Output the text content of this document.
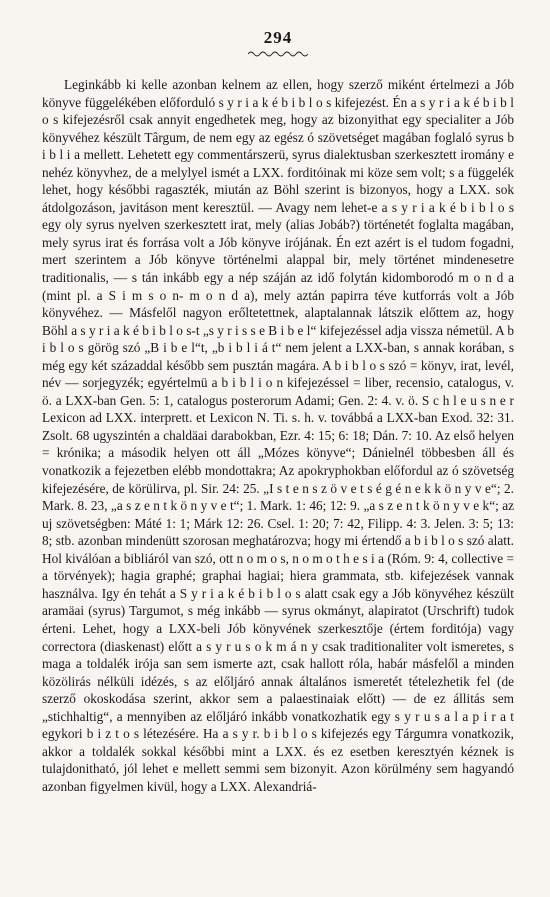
294

Leginkább ki kelle azonban kelnem az ellen, hogy szerző miként értelmezi a Jób könyve függelékében előforduló s y r i a k é b i b l o s kifejezést. Én a s y r i a k é b i b l o s kifejezésről csak annyit engedhetek meg, hogy az bizonyithat egy specialiter a Jób könyvéhez készült Târgum, de nem egy az egész ó szövetséget magában foglaló syrus b i b l i a mellett. Lehetett egy commentárszerü, syrus dialektusban szerkesztett iromány e nehéz könyvhez, de a melylyel ismét a LXX. forditóinak mi köze sem volt; s a függelék lehet, hogy későbbi ragaszték, miután az Böhl szerint is bizonyos, hogy a LXX. sok átdolgozáson, javitáson ment keresztül. — Avagy nem lehet-e a s y r i a k é b i b l o s egy oly syrus nyelven szerkesztett irat, mely (alias Jobáb?) történetét foglalta magában, mely syrus irat és forrása volt a Jób könyve irójának. Én ezt azért is el tudom fogadni, mert szerintem a Jób könyve történelmi alappal bir, mely történet mindenesetre traditionalis, — s tán inkább egy a nép száján az idő folytán kidomborodó m o n d a (mint pl. a S i m s o n- m o n d a), mely aztán papirra téve kutforrás volt a Jób könyvéhez. — Másfelől nagyon erőltetettnek, alaptalannak látszik előttem az, hogy Böhl a s y r i a k é b i b l o s-t „s y r i s s e B i b e l“ kifejezéssel adja vissza németül. A b i b l o s görög szó „B i b e l“t, „b i b l i á t“ nem jelent a LXX-ban, s annak korában, s még egy két századdal később sem pusztán magára. A b i b l o s szó = könyv, irat, levél, név — sorjegyzék; egyértelmü a b i b l i o n kifejezéssel = liber, recensio, catalogus, v. ö. a LXX-ban Gen. 5: 1, catalogus posterorum Adami; Gen. 2: 4. v. ö. S c h l e u s n e r Lexicon ad LXX. interprett. et Lexicon N. Ti. s. h. v. továbbá a LXX-ban Exod. 32: 31. Zsolt. 68 ugyszintén a chaldäai darabokban, Ezr. 4: 15; 6: 18; Dán. 7: 10. Az első helyen = krónika; a második helyen ott áll „Mózes könyve“; Dánielnél többesben áll és vonatkozik a fejezetben elébb mondottakra; Az apokryphokban előfordul az ó szövetség kifejezésére, de körülirva, pl. Sir. 24: 25. „I s t e n s z ö v e t s é g é n e k k ö n y v e“; 2. Mark. 8. 23, „a s z e n t k ö n y v e t“; 1. Mark. 1: 46; 12: 9. „a s z e n t k ö n y v e k“; az uj szövetségben: Máté 1: 1; Márk 12: 26. Csel. 1: 20; 7: 42, Filipp. 4: 3. Jelen. 3: 5; 13: 8; stb. azonban mindenütt szorosan meghatározva; hogy mi értendő a b i b l o s szó alatt. Hol kiválóan a bibliáról van szó, ott n o m o s, n o m o t h e s i a (Róm. 9: 4, collective = a törvények); hagia graphé; graphai hagiai; hiera grammata, stb. kifejezések vannak használva. Igy én tehát a S y r i a k é b i b l o s alatt csak egy a Jób könyvéhez készült aramäai (syrus) Targumot, s még inkább — syrus okmányt, alapiratot (Urschrift) tudok érteni. Lehet, hogy a LXX-beli Jób könyvének szerkesztője (értem forditója) vagy correctora (diaskenast) előtt a s y r u s o k m á n y csak traditionaliter volt ismeretes, s maga a toldalék irója san sem ismerte azt, csak hallott róla, habár másfelől a minden közölirás nélküli idézés, s az előljáró annak általános ismeretét tételezhetik fel (de szerző okoskodása szerint, akkor sem a palaestinaiak előtt) — de ez állitás sem „stichhaltig“, a mennyiben az előljáró inkább vonatkozhatik egy s y r u s a l a p i r a t egykori b i z t o s létezésére. Ha a s y r. b i b l o s kifejezés egy Tárgumra vonatkozik, akkor a toldalék sokkal későbbi mint a LXX. és ez esetben keresztyén kéznek is tulajdonitható, jól lehet e mellett semmi sem bizonyit. Azon körülmény sem hagyandó azonban figyelmen kivül, hogy a LXX. Alexandriá-
